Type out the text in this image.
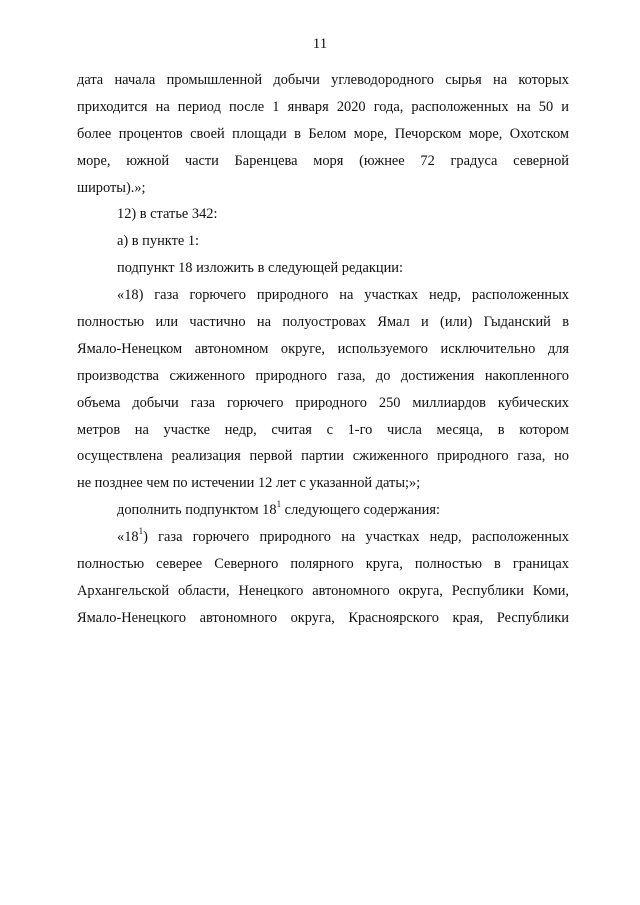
11
дата начала промышленной добычи углеводородного сырья на которых
приходится на период после 1 января 2020 года, расположенных на 50 и
более процентов своей площади в Белом море, Печорском море, Охотском
море, южной части Баренцева моря (южнее 72 градуса северной
широты).»;
12) в статье 342:
а) в пункте 1:
подпункт 18 изложить в следующей редакции:
«18) газа горючего природного на участках недр, расположенных
полностью или частично на полуостровах Ямал и (или) Гыданский в
Ямало-Ненецком автономном округе, используемого исключительно для
производства сжиженного природного газа, до достижения накопленного
объема добычи газа горючего природного 250 миллиардов кубических
метров на участке недр, считая с 1-го числа месяца, в котором
осуществлена реализация первой партии сжиженного природного газа, но
не позднее чем по истечении 12 лет с указанной даты;»;
дополнить подпунктом $18^1$ следующего содержания:
«$18^1$) газа горючего природного на участках недр, расположенных
полностью северее Северного полярного круга, полностью в границах
Архангельской области, Ненецкого автономного округа, Республики Коми,
Ямало-Ненецкого автономного округа, Красноярского края, Республики
